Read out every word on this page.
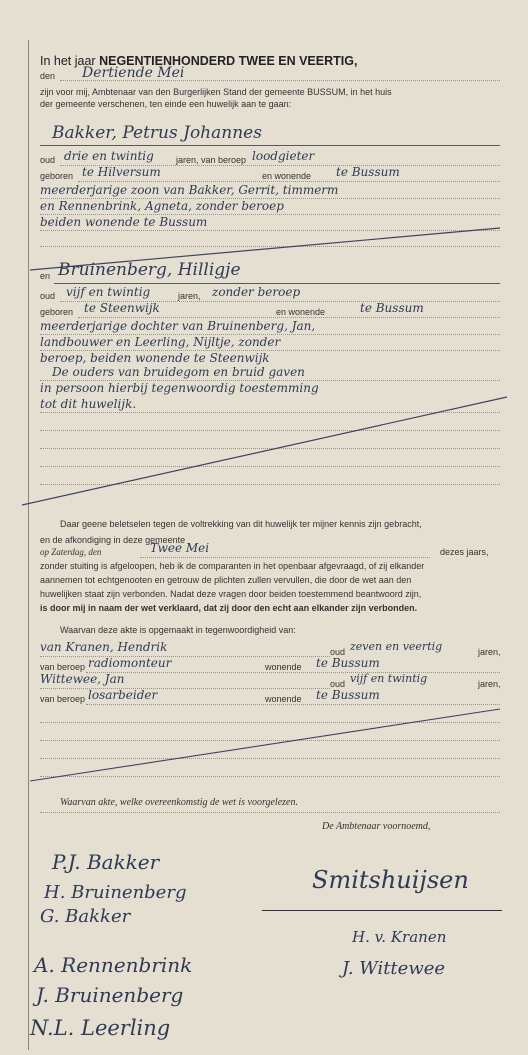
In het jaar NEGENTIENHONDERD TWEE EN VEERTIG,
den Dertiende Mei
zijn voor mij, Ambtenaar van den Burgerlijken Stand der gemeente BUSSUM, in het huis
der gemeente verschenen, ten einde een huwelijk aan te gaan:
Bakker, Petrus Johannes
oud drie en twintig jaren, van beroep loodgieter
geboren te Hilversum	en wonende te Bussum
meerderjarige zoon van Bakker, Gerrit, timmerm
en Rennenbrink, Agneta, zonder beroep
beiden wonende te Bussum
en Bruinenberg, Hilligje
oud vijf en twintig	jaren, zonder beroep
geboren te Steenwijk	en wonende	te Bussum
meerderjarige dochter van Bruinenberg, Jan,
landbouwer en Leerling, Nijltje, zonder
beroep, beiden wonende te Steenwijk
De ouders van bruidegom en bruid gaven
in persoon hierbij tegenwoordig toestemming
tot dit huwelijk.
Daar geene beletselen tegen de voltrekking van dit huwelijk ter mijner kennis zijn gebracht,
en de afkondiging in deze gemeente
op Zaterdag, den	Twee Mei	dezes jaars,
zonder stuiting is afgeloopen, heb ik de comparanten in het openbaar afgevraagd, of zij elkander
aannemen tot echtgenooten en getrouw de plichten zullen vervullen, die door de wet aan den
huwelijken staat zijn verbonden. Nadat deze vragen door beiden toestemmend beantwoord zijn,
is door mij in naam der wet verklaard, dat zij door den echt aan elkander zijn verbonden.
Waarvan deze akte is opgemaakt in tegenwoordigheid van:
van Kranen, Hendrik	oud zeven en veertig	jaren,
van beroep radiomonteur	wonende te Bussum
Wittewee, Jan	oud vijf en twintig	jaren,
van beroep losarbeider	wonende te Bussum
Waarvan akte, welke overeenkomstig de wet is voorgelezen.
De Ambtenaar voornoemd,
P.J. Bakker
H. Bruinenberg
G. Bakker
A. Rennenbrink
J. Bruinenberg
N.L. Leerling
Smitshuijsen
H. v. Kranen
J. Wittewee
